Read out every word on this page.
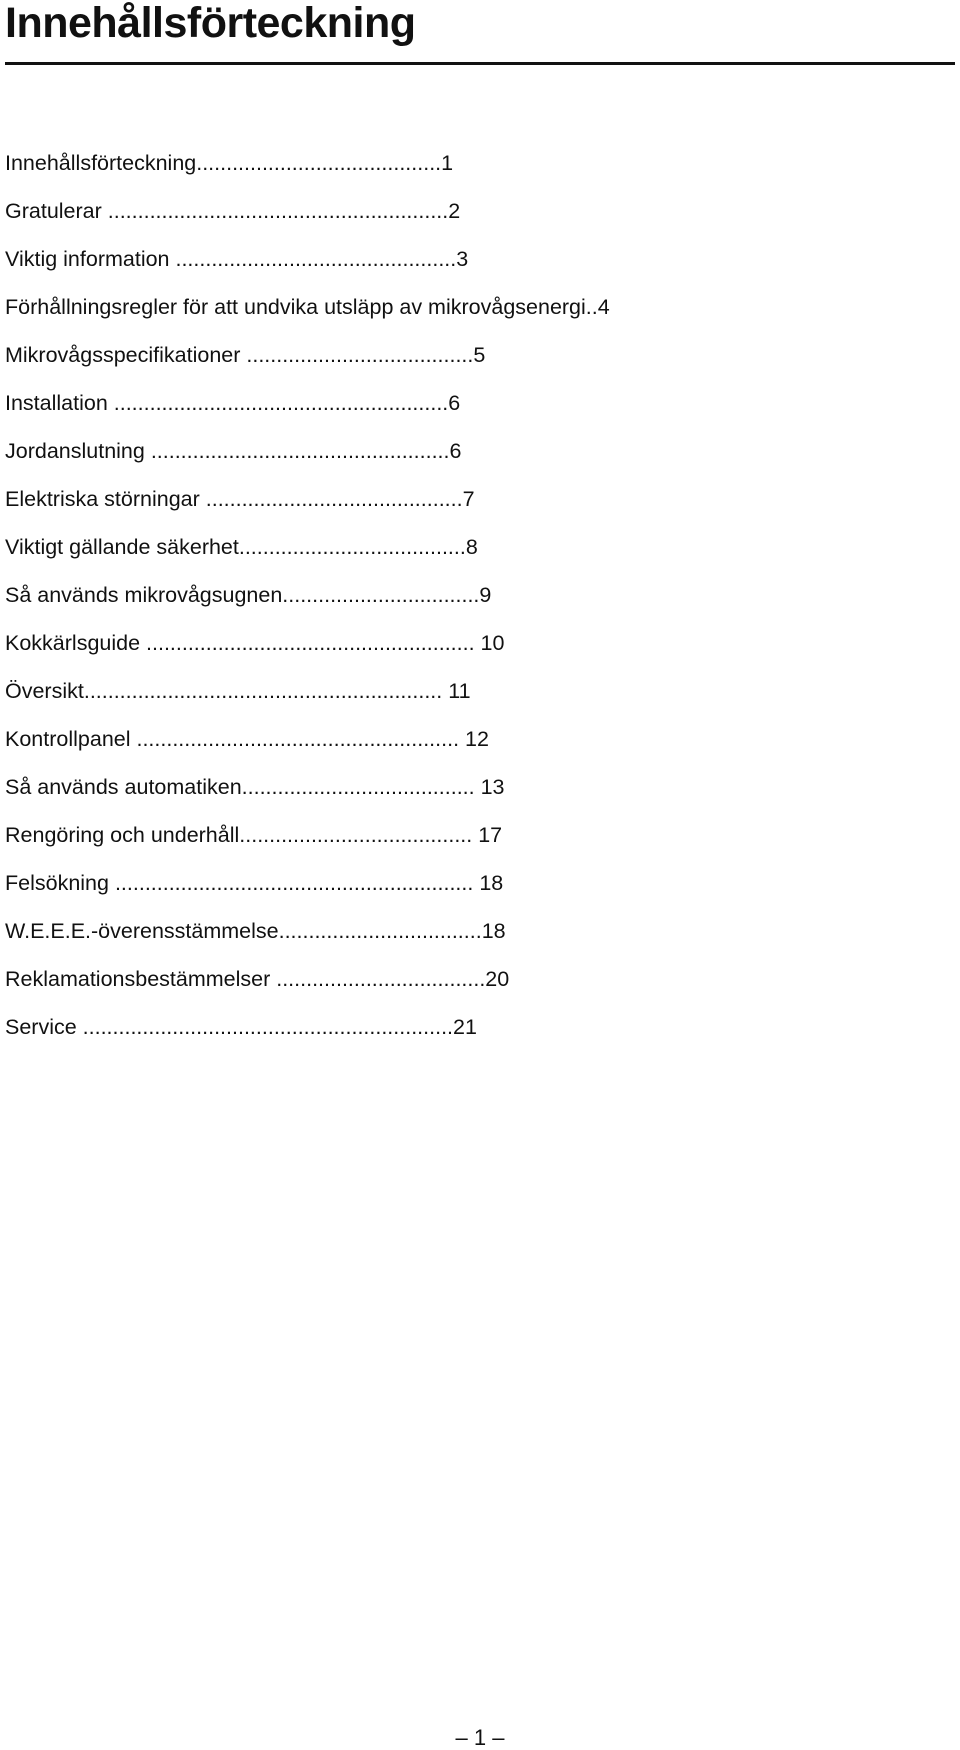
Innehållsförteckning
Innehållsförteckning.........................................1
Gratulerar .........................................................2
Viktig information ...............................................3
Förhållningsregler för att undvika utsläpp av mikrovågsenergi..4
Mikrovågsspecifikationer ......................................5
Installation ........................................................6
Jordanslutning ..................................................6
Elektriska störningar ...........................................7
Viktigt gällande säkerhet......................................8
Så används mikrovågsugnen.................................9
Kokkärlsguide ....................................................... 10
Översikt............................................................ 11
Kontrollpanel ...................................................... 12
Så används automatiken....................................... 13
Rengöring och underhåll....................................... 17
Felsökning ............................................................ 18
W.E.E.E.-överensstämmelse..................................18
Reklamationsbestämmelser ...................................20
Service ..............................................................21
– 1 –
